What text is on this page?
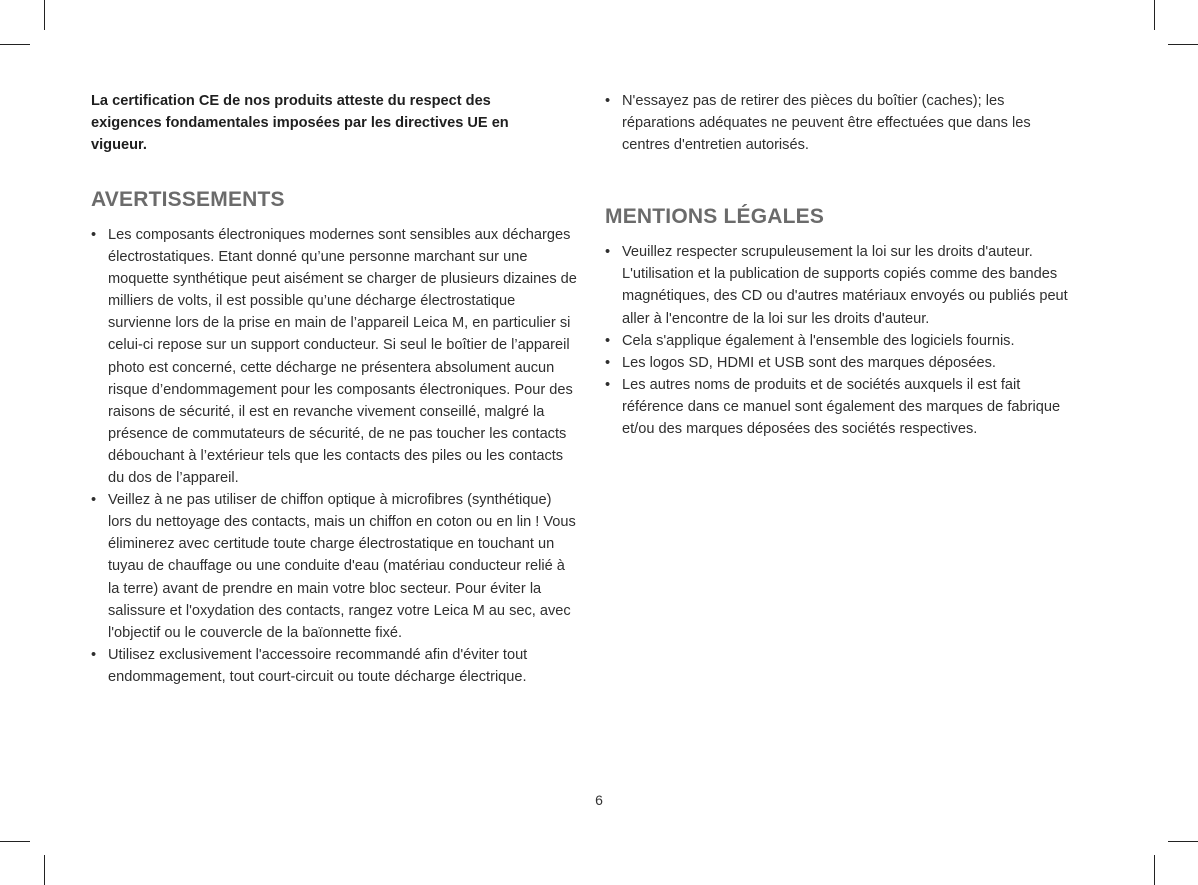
La certification CE de nos produits atteste du respect des exigences fondamentales imposées par les directives UE en vigueur.

AVERTISSEMENTS
• Les composants électroniques modernes sont sensibles aux décharges électrostatiques. Etant donné qu’une personne marchant sur une moquette synthétique peut aisément se charger de plusieurs dizaines de milliers de volts, il est possible qu’une décharge électrostatique survienne lors de la prise en main de l’appareil Leica M, en particulier si celui-ci repose sur un support conducteur. Si seul le boîtier de l’appareil photo est concerné, cette décharge ne présentera absolument aucun risque d’endommagement pour les composants électroniques. Pour des raisons de sécurité, il est en revanche vivement conseillé, malgré la présence de commutateurs de sécurité, de ne pas toucher les contacts débouchant à l’extérieur tels que les contacts des piles ou les contacts du dos de l’appareil.
• Veillez à ne pas utiliser de chiffon optique à microfibres (synthétique) lors du nettoyage des contacts, mais un chiffon en coton ou en lin ! Vous éliminerez avec certitude toute charge électrostatique en touchant un tuyau de chauffage ou une conduite d'eau (matériau conducteur relié à la terre) avant de prendre en main votre bloc secteur. Pour éviter la salissure et l'oxydation des contacts, rangez votre Leica M au sec, avec l'objectif ou le couvercle de la baïonnette fixé.
• Utilisez exclusivement l'accessoire recommandé afin d'éviter tout endommagement, tout court-circuit ou toute décharge électrique.
• N'essayez pas de retirer des pièces du boîtier (caches); les réparations adéquates ne peuvent être effectuées que dans les centres d'entretien autorisés.
MENTIONS LÉGALES
• Veuillez respecter scrupuleusement la loi sur les droits d'auteur. L'utilisation et la publication de supports copiés comme des bandes magnétiques, des CD ou d'autres matériaux envoyés ou publiés peut aller à l'encontre de la loi sur les droits d'auteur.
• Cela s'applique également à l'ensemble des logiciels fournis.
• Les logos SD, HDMI et USB sont des marques déposées.
• Les autres noms de produits et de sociétés auxquels il est fait référence dans ce manuel sont également des marques de fabrique et/ou des marques déposées des sociétés respectives.
6
